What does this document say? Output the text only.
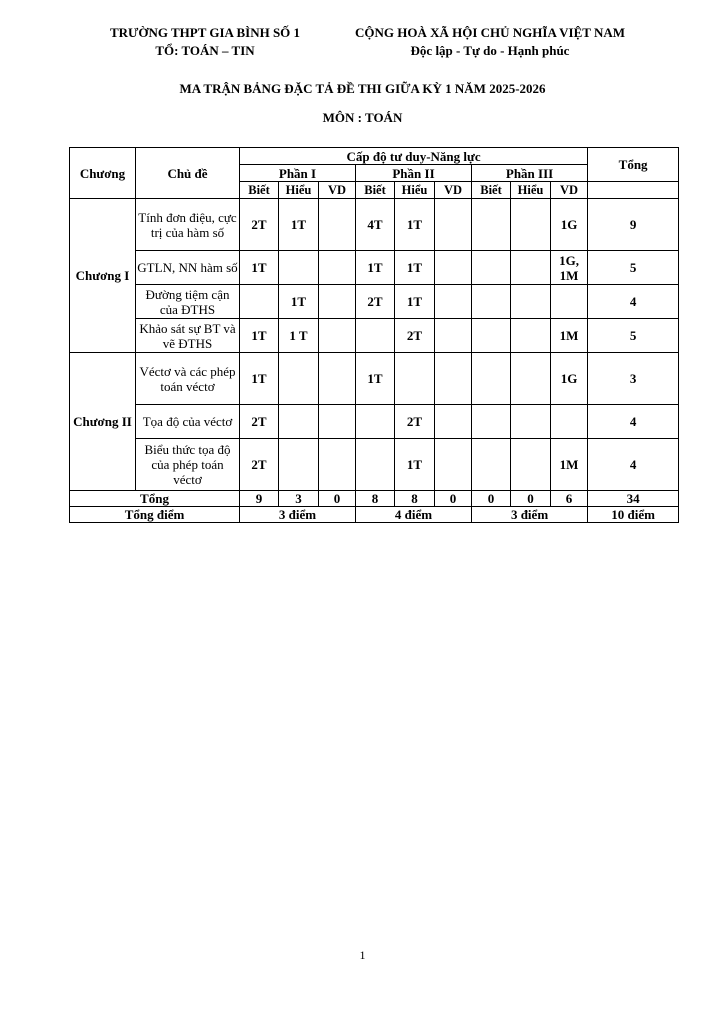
TRƯỜNG THPT GIA BÌNH SỐ 1
TỔ: TOÁN – TIN
CỘNG HOÀ XÃ HỘI CHỦ NGHĨA VIỆT NAM
Độc lập - Tự do - Hạnh phúc
MA TRẬN BẢNG ĐẶC TẢ ĐỀ THI GIỮA KỲ 1 NĂM 2025-2026
MÔN : TOÁN
Chương	Chủ đề	Cấp độ tư duy-Năng lực									Tổng
		Phần I			Phần II			Phần III			
		Biết	Hiểu	VD	Biết	Hiểu	VD	Biết	Hiểu	VD	
Chương I	Tính đơn điệu, cực trị của hàm số	2T	1T		4T	1T				1G	9
	GTLN, NN hàm số	1T			1T	1T				1G, 1M	5
	Đường tiệm cận của ĐTHS		1T		2T	1T					4
	Khảo sát sự BT và vẽ ĐTHS	1T	1 T			2T				1M	5
Chương II	Véctơ và các phép toán véctơ	1T			1T					1G	3
	Tọa độ của véctơ	2T				2T					4
	Biểu thức tọa độ của phép toán véctơ	2T				1T				1M	4
Tổng		9	3	0	8	8	0	0	0	6	34
Tổng điểm		3 điểm			4 điểm			3 điểm			10 điểm
1
